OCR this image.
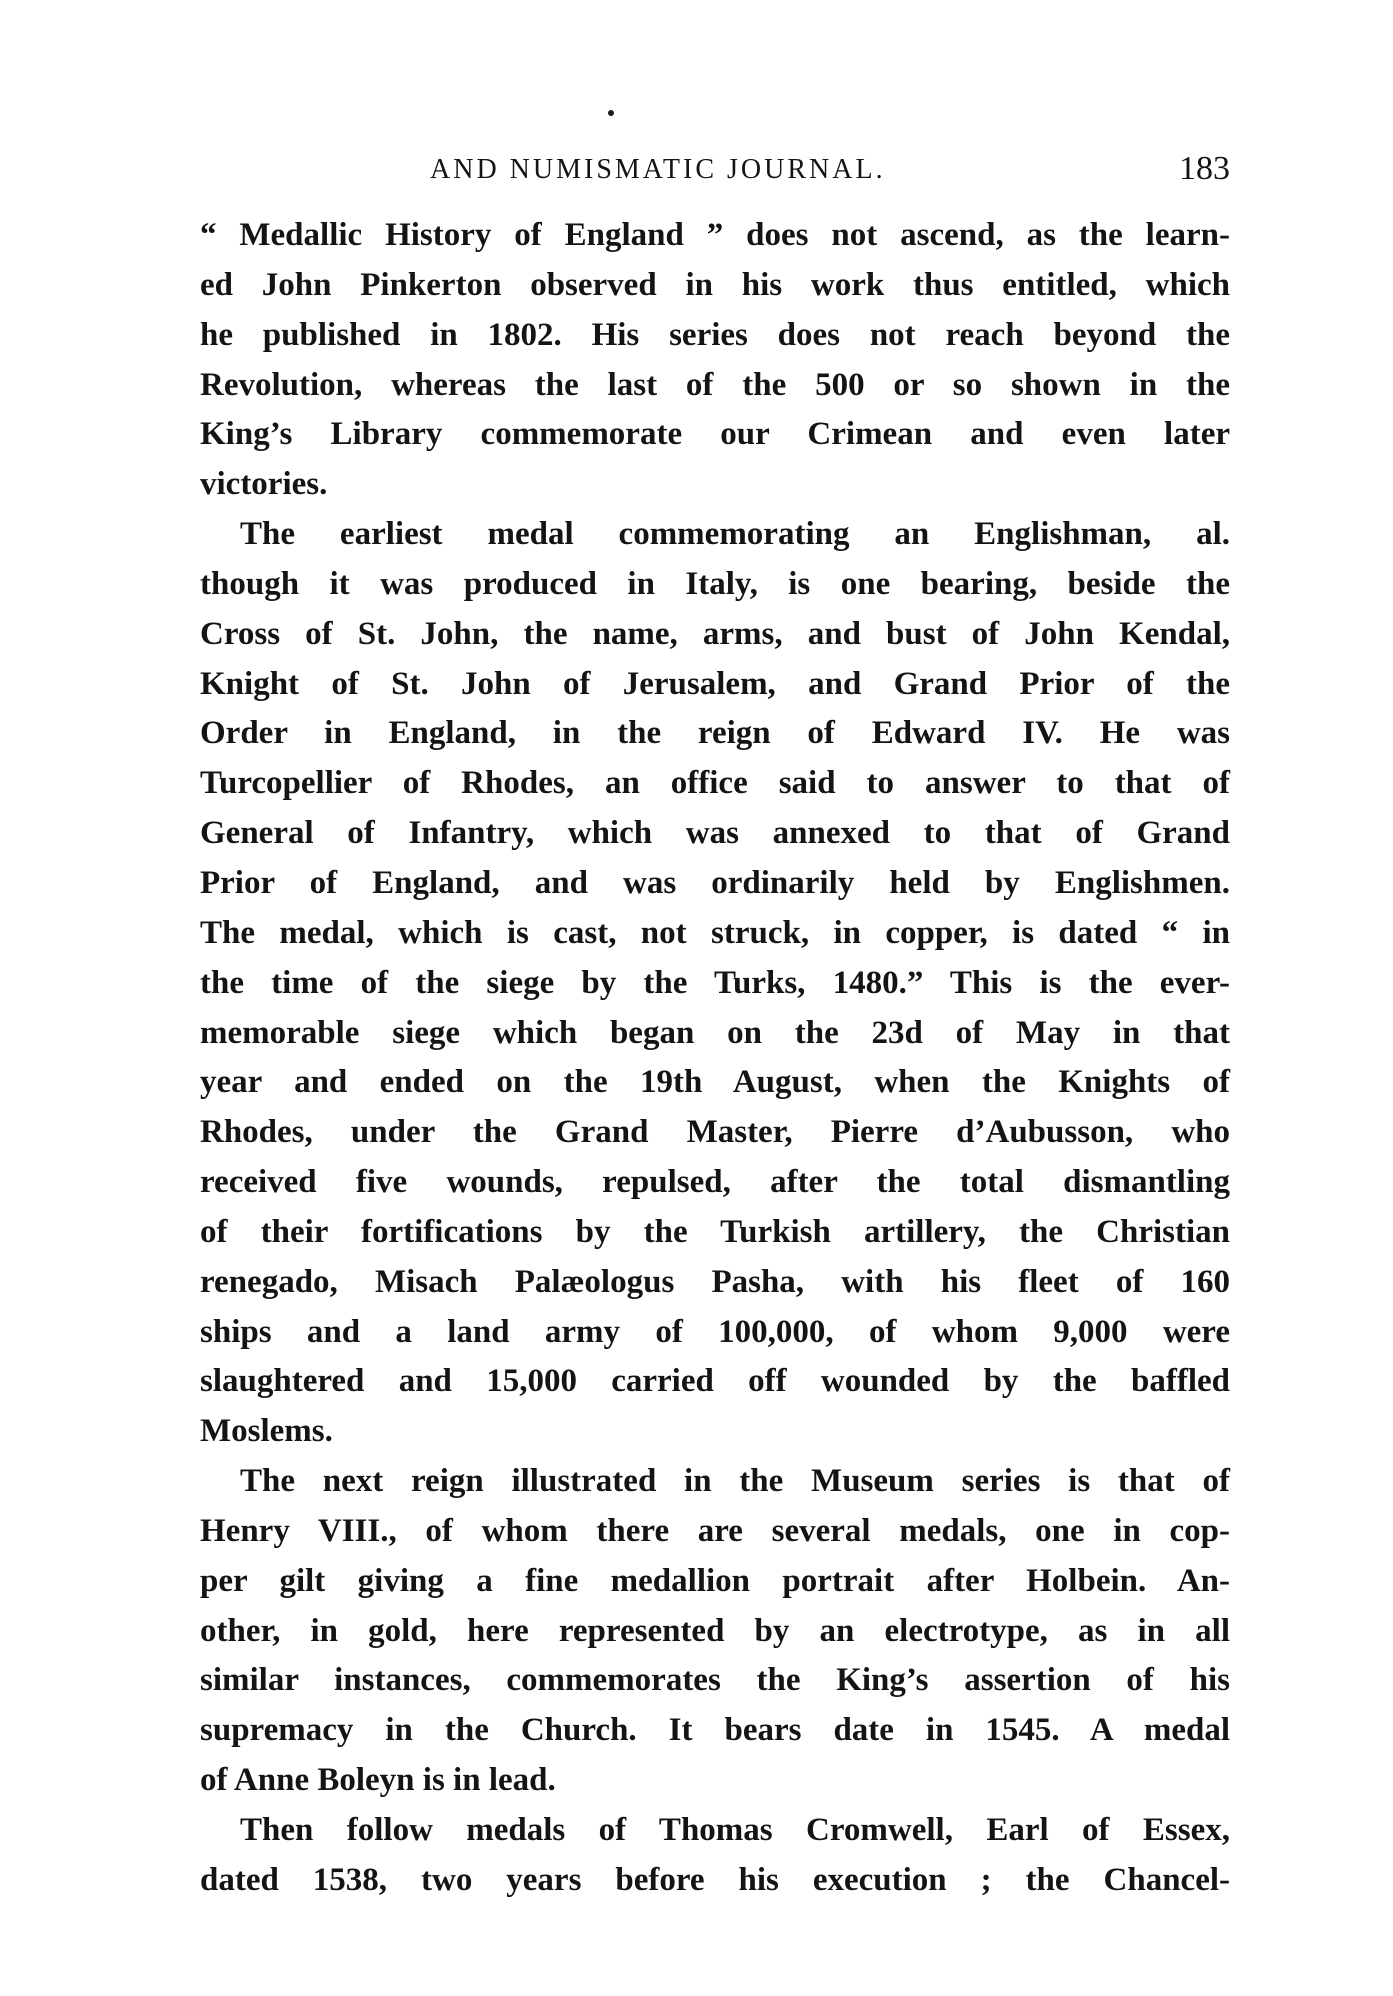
AND NUMISMATIC JOURNAL.	183
“ Medallic History of England ” does not ascend, as the learn-
ed John Pinkerton observed in his work thus entitled, which
he published in 1802. His series does not reach beyond the
Revolution, whereas the last of the 500 or so shown in the
King’s Library commemorate our Crimean and even later
victories.
The earliest medal commemorating an Englishman, al.
though it was produced in Italy, is one bearing, beside the
Cross of St. John, the name, arms, and bust of John Kendal,
Knight of St. John of Jerusalem, and Grand Prior of the
Order in England, in the reign of Edward IV. He was
Turcopellier of Rhodes, an office said to answer to that of
General of Infantry, which was annexed to that of Grand
Prior of England, and was ordinarily held by Englishmen.
The medal, which is cast, not struck, in copper, is dated “ in
the time of the siege by the Turks, 1480.” This is the ever-
memorable siege which began on the 23d of May in that
year and ended on the 19th August, when the Knights of
Rhodes, under the Grand Master, Pierre d’Aubusson, who
received five wounds, repulsed, after the total dismantling
of their fortifications by the Turkish artillery, the Christian
renegado, Misach Palæologus Pasha, with his fleet of 160
ships and a land army of 100,000, of whom 9,000 were
slaughtered and 15,000 carried off wounded by the baffled
Moslems.
The next reign illustrated in the Museum series is that of
Henry VIII., of whom there are several medals, one in cop-
per gilt giving a fine medallion portrait after Holbein. An-
other, in gold, here represented by an electrotype, as in all
similar instances, commemorates the King’s assertion of his
supremacy in the Church. It bears date in 1545. A medal
of Anne Boleyn is in lead.
Then follow medals of Thomas Cromwell, Earl of Essex,
dated 1538, two years before his execution ; the Chancel-
